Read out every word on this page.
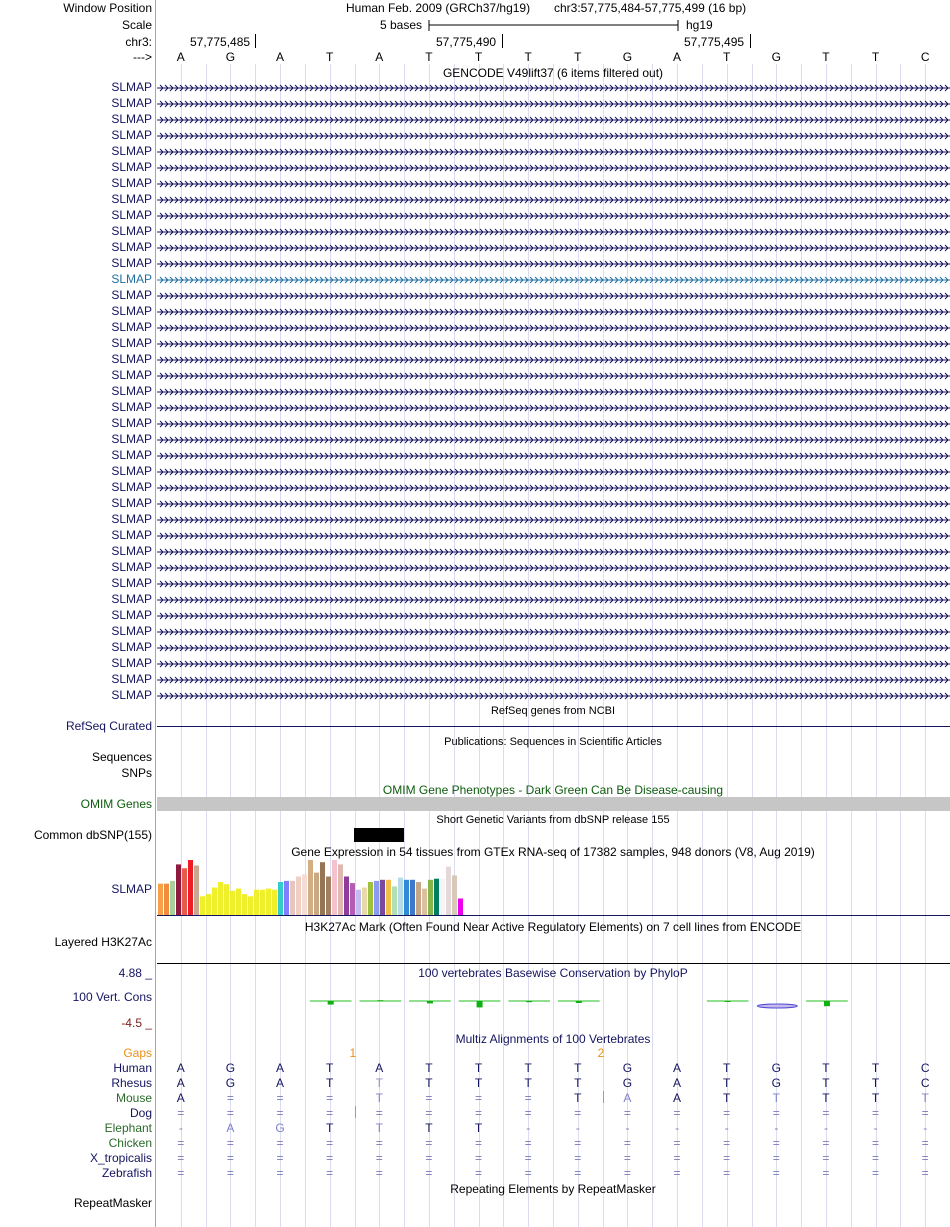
Window Position
Scale
chr3:
--->
Human Feb. 2009 (GRCh37/hg19) chr3:57,775,484-57,775,499 (16 bp)
5 bases	hg19
57,775,485	57,775,490	57,775,495
A	G	A	T	A	T	T	T	T	G	A	T	G	T	T	C
GENCODE V49lift37 (6 items filtered out)
SLMAP
SLMAP
SLMAP
SLMAP
SLMAP
SLMAP
SLMAP
SLMAP
SLMAP
SLMAP
SLMAP
SLMAP
SLMAP
SLMAP
SLMAP
SLMAP
SLMAP
SLMAP
SLMAP
SLMAP
SLMAP
SLMAP
SLMAP
SLMAP
SLMAP
SLMAP
SLMAP
SLMAP
SLMAP
SLMAP
SLMAP
SLMAP
SLMAP
SLMAP
SLMAP
SLMAP
SLMAP
SLMAP
SLMAP
RefSeq genes from NCBI
RefSeq Curated
Publications: Sequences in Scientific Articles
Sequences
SNPs
OMIM Gene Phenotypes - Dark Green Can Be Disease-causing
OMIM Genes
Short Genetic Variants from dbSNP release 155
Common dbSNP(155)
Gene Expression in 54 tissues from GTEx RNA-seq of 17382 samples, 948 donors (V8, Aug 2019)
SLMAP
H3K27Ac Mark (Often Found Near Active Regulatory Elements) on 7 cell lines from ENCODE
Layered H3K27Ac
100 vertebrates Basewise Conservation by PhyloP
4.88 _
100 Vert. Cons
-4.5 _
Multiz Alignments of 100 Vertebrates
Gaps	1	2
Human	A	G	A	T	A	T	T	T	T	G	A	T	G	T	T	C
Rhesus	A	G	A	T	T	T	T	T	T	G	A	T	G	T	T	C
Mouse	A	=	=	=	T	=	=	=	T	A	A	T	T	T	T	T
Dog	=	=	=	=	=	=	=	=	=	=	=	=	=	=	=	=
Elephant	-	A	G	T	T	T	T	-	-	-	-	-	-	-	-	-
Chicken	=	=	=	=	=	=	=	=	=	=	=	=	=	=	=	=
X_tropicalis	=	=	=	=	=	=	=	=	=	=	=	=	=	=	=	=
Zebrafish	=	=	=	=	=	=	=	=	=	=	=	=	=	=	=	=
Repeating Elements by RepeatMasker
RepeatMasker
